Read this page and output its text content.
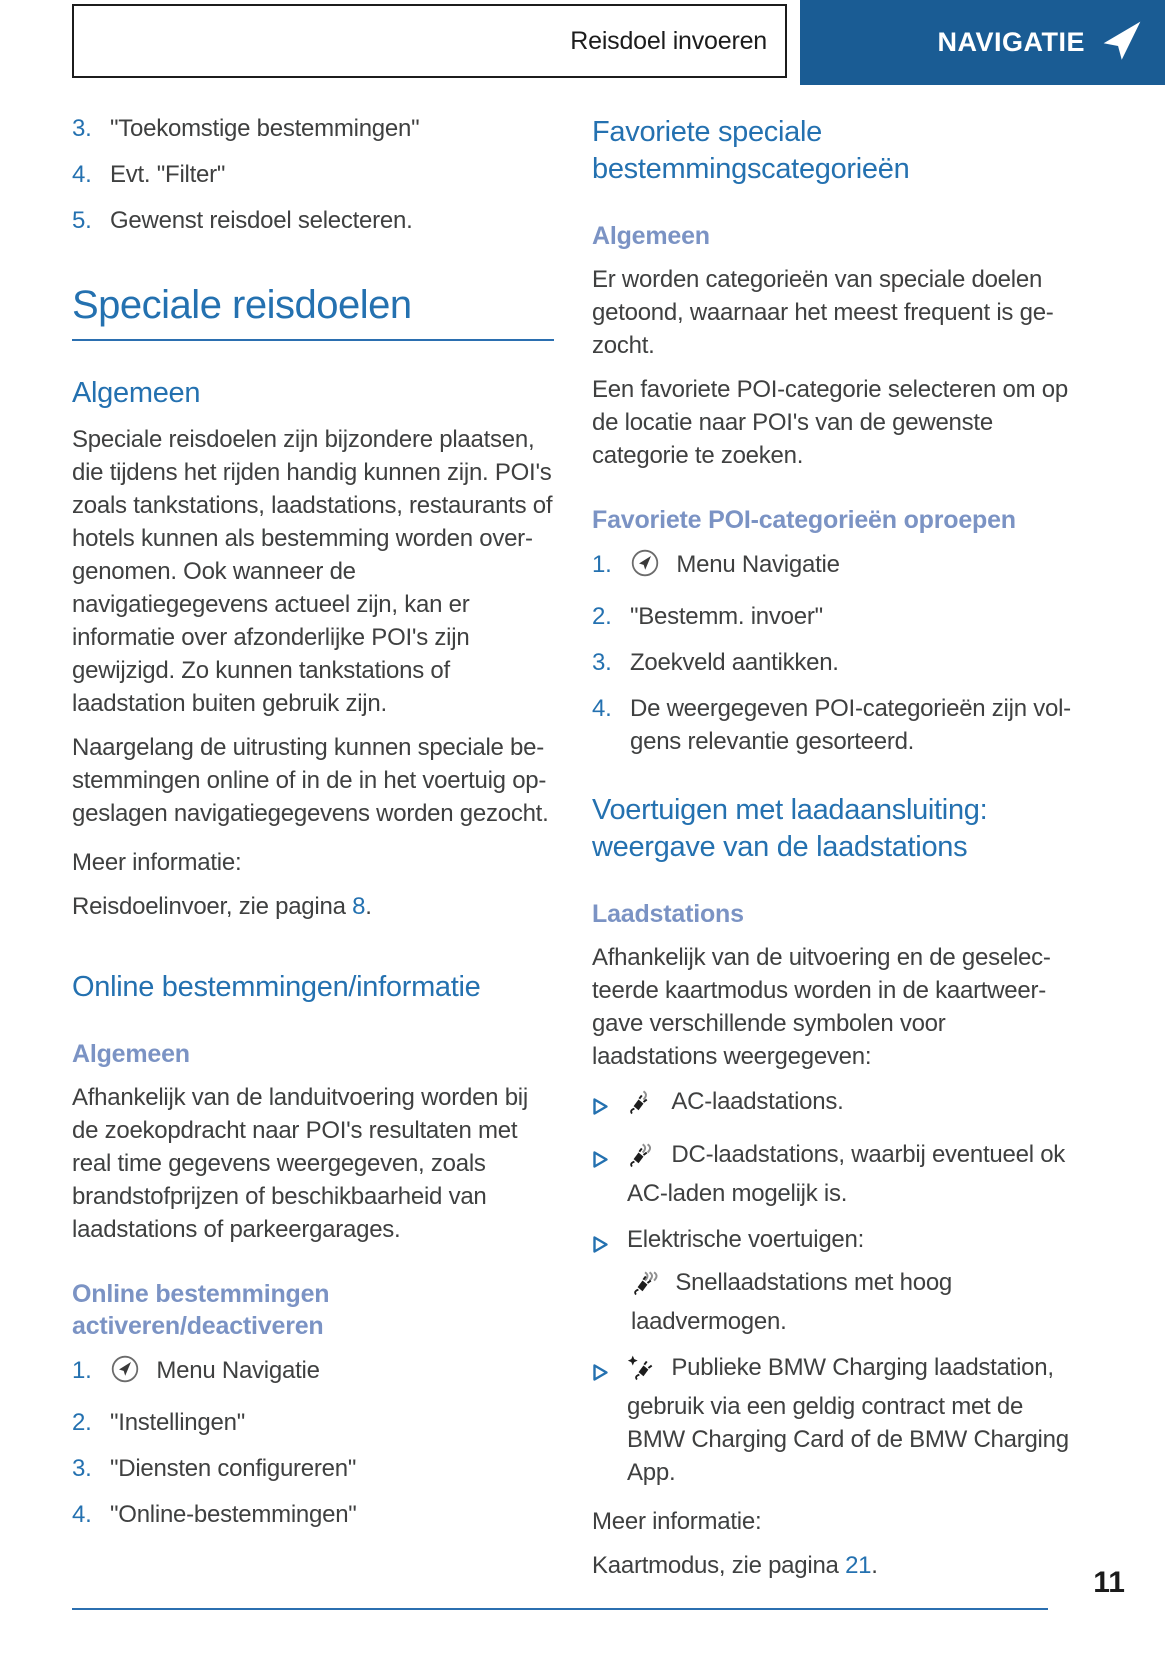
Reisdoel invoeren	NAVIGATIE
3. "Toekomstige bestemmingen"
4. Evt. "Filter"
5. Gewenst reisdoel selecteren.
Speciale reisdoelen
Algemeen

Speciale reisdoelen zijn bijzondere plaatsen, die tijdens het rijden handig kunnen zijn. POI's zoals tankstations, laadstations, restaurants of hotels kunnen als bestemming worden overgenomen. Ook wanneer de navigatiegegevens actueel zijn, kan er informatie over afzonderlijke POI's zijn gewijzigd. Zo kunnen tankstations of laadstation buiten gebruik zijn.

Naargelang de uitrusting kunnen speciale bestemmingen online of in de in het voertuig opgeslagen navigatiegegevens worden gezocht.

Meer informatie:

Reisdoelinvoer, zie pagina 8.

Online bestemmingen/informatie
Algemeen

Afhankelijk van de landuitvoering worden bij de zoekopdracht naar POI's resultaten met real time gegevens weergegeven, zoals brandstofprijzen of beschikbaarheid van laadstations of parkeergarages.

Online bestemmingen activeren/deactiveren
1.	Menu Navigatie
2. "Instellingen"
3. "Diensten configureren"
4. "Online-bestemmingen"
Favoriete speciale bestemmingscategorieën
Algemeen

Er worden categorieën van speciale doelen getoond, waarnaar het meest frequent is gezocht.

Een favoriete POI-categorie selecteren om op de locatie naar POI's van de gewenste categorie te zoeken.

Favoriete POI-categorieën oproepen
1.	Menu Navigatie
2. "Bestemm. invoer"
3. Zoekveld aantikken.
4. De weergegeven POI-categorieën zijn volgens relevantie gesorteerd.
Voertuigen met laadaansluiting: weergave van de laadstations
Laadstations

Afhankelijk van de uitvoering en de geselecteerde kaartmodus worden in de kaartweergave verschillende symbolen voor laadstations weergegeven:

AC-laadstations.
DC-laadstations, waarbij eventueel ok AC-laden mogelijk is.
Elektrische voertuigen:
Snellaadstations met hoog laadvermogen.
Publieke BMW Charging laadstation, gebruik via een geldig contract met de BMW Charging Card of de BMW Charging App.

Meer informatie:

Kaartmodus, zie pagina 21.

11
